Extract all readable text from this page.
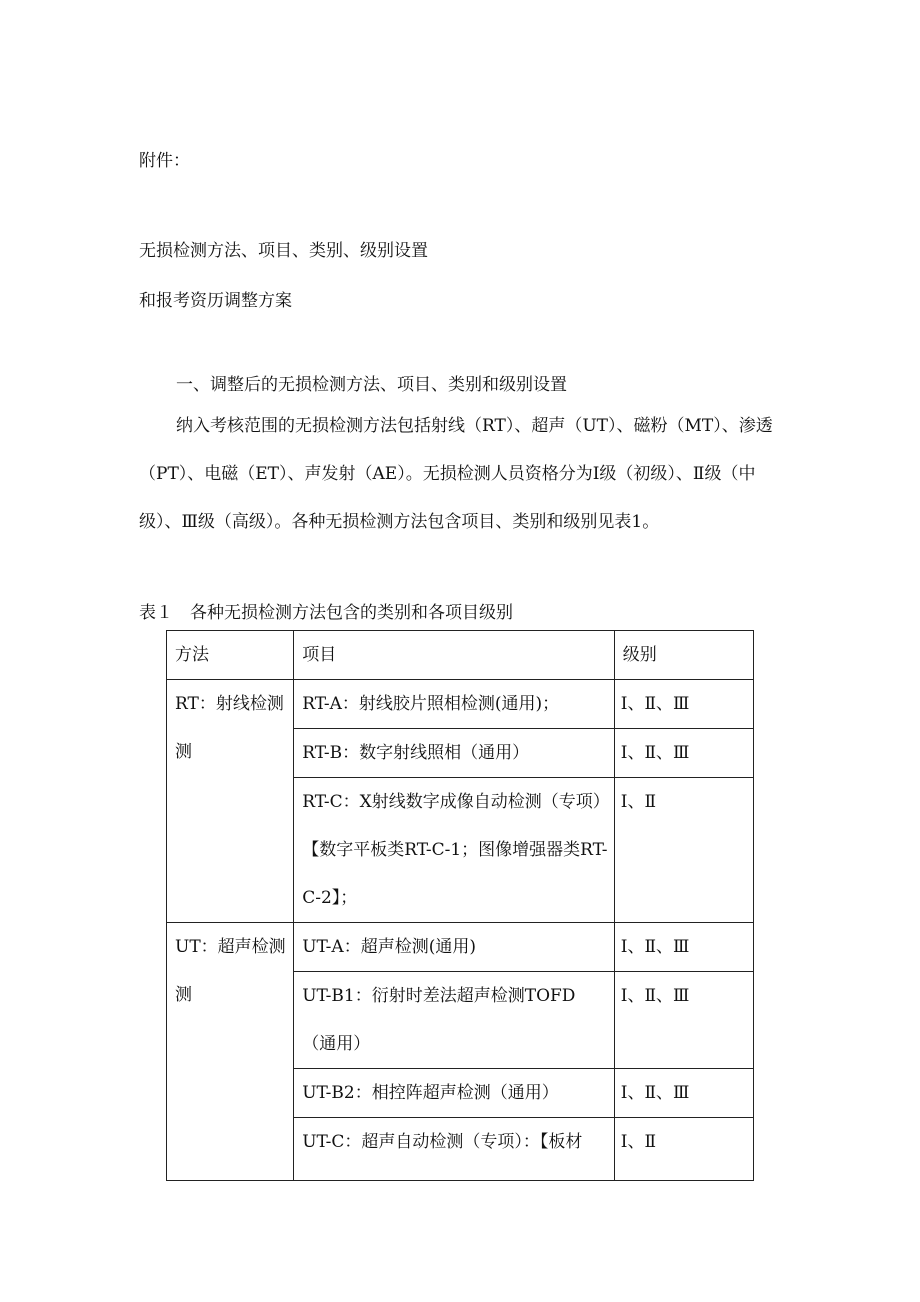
附件：
无损检测方法、项目、类别、级别设置
和报考资历调整方案
一、调整后的无损检测方法、项目、类别和级别设置
纳入考核范围的无损检测方法包括射线（RT）、超声（UT）、磁粉（MT）、渗透（PT）、电磁（ET）、声发射（AE）。无损检测人员资格分为Ⅰ级（初级）、Ⅱ级（中级）、Ⅲ级（高级）。各种无损检测方法包含项目、类别和级别见表1。
表１　各种无损检测方法包含的类别和各项目级别
方法	项目	级别
RT：射线检测测	RT-A：射线胶片照相检测(通用)；	Ⅰ、Ⅱ、Ⅲ
	RT-B：数字射线照相（通用）	Ⅰ、Ⅱ、Ⅲ
	RT-C：X射线数字成像自动检测（专项）【数字平板类RT-C-1；图像增强器类RT-C-2】；	Ⅰ、Ⅱ
UT：超声检测测	UT-A：超声检测(通用)	Ⅰ、Ⅱ、Ⅲ
	UT-B1：衍射时差法超声检测TOFD（通用）	Ⅰ、Ⅱ、Ⅲ
	UT-B2：相控阵超声检测（通用）	Ⅰ、Ⅱ、Ⅲ

	UT-C：超声自动检测（专项）：【板材	Ⅰ、Ⅱ
